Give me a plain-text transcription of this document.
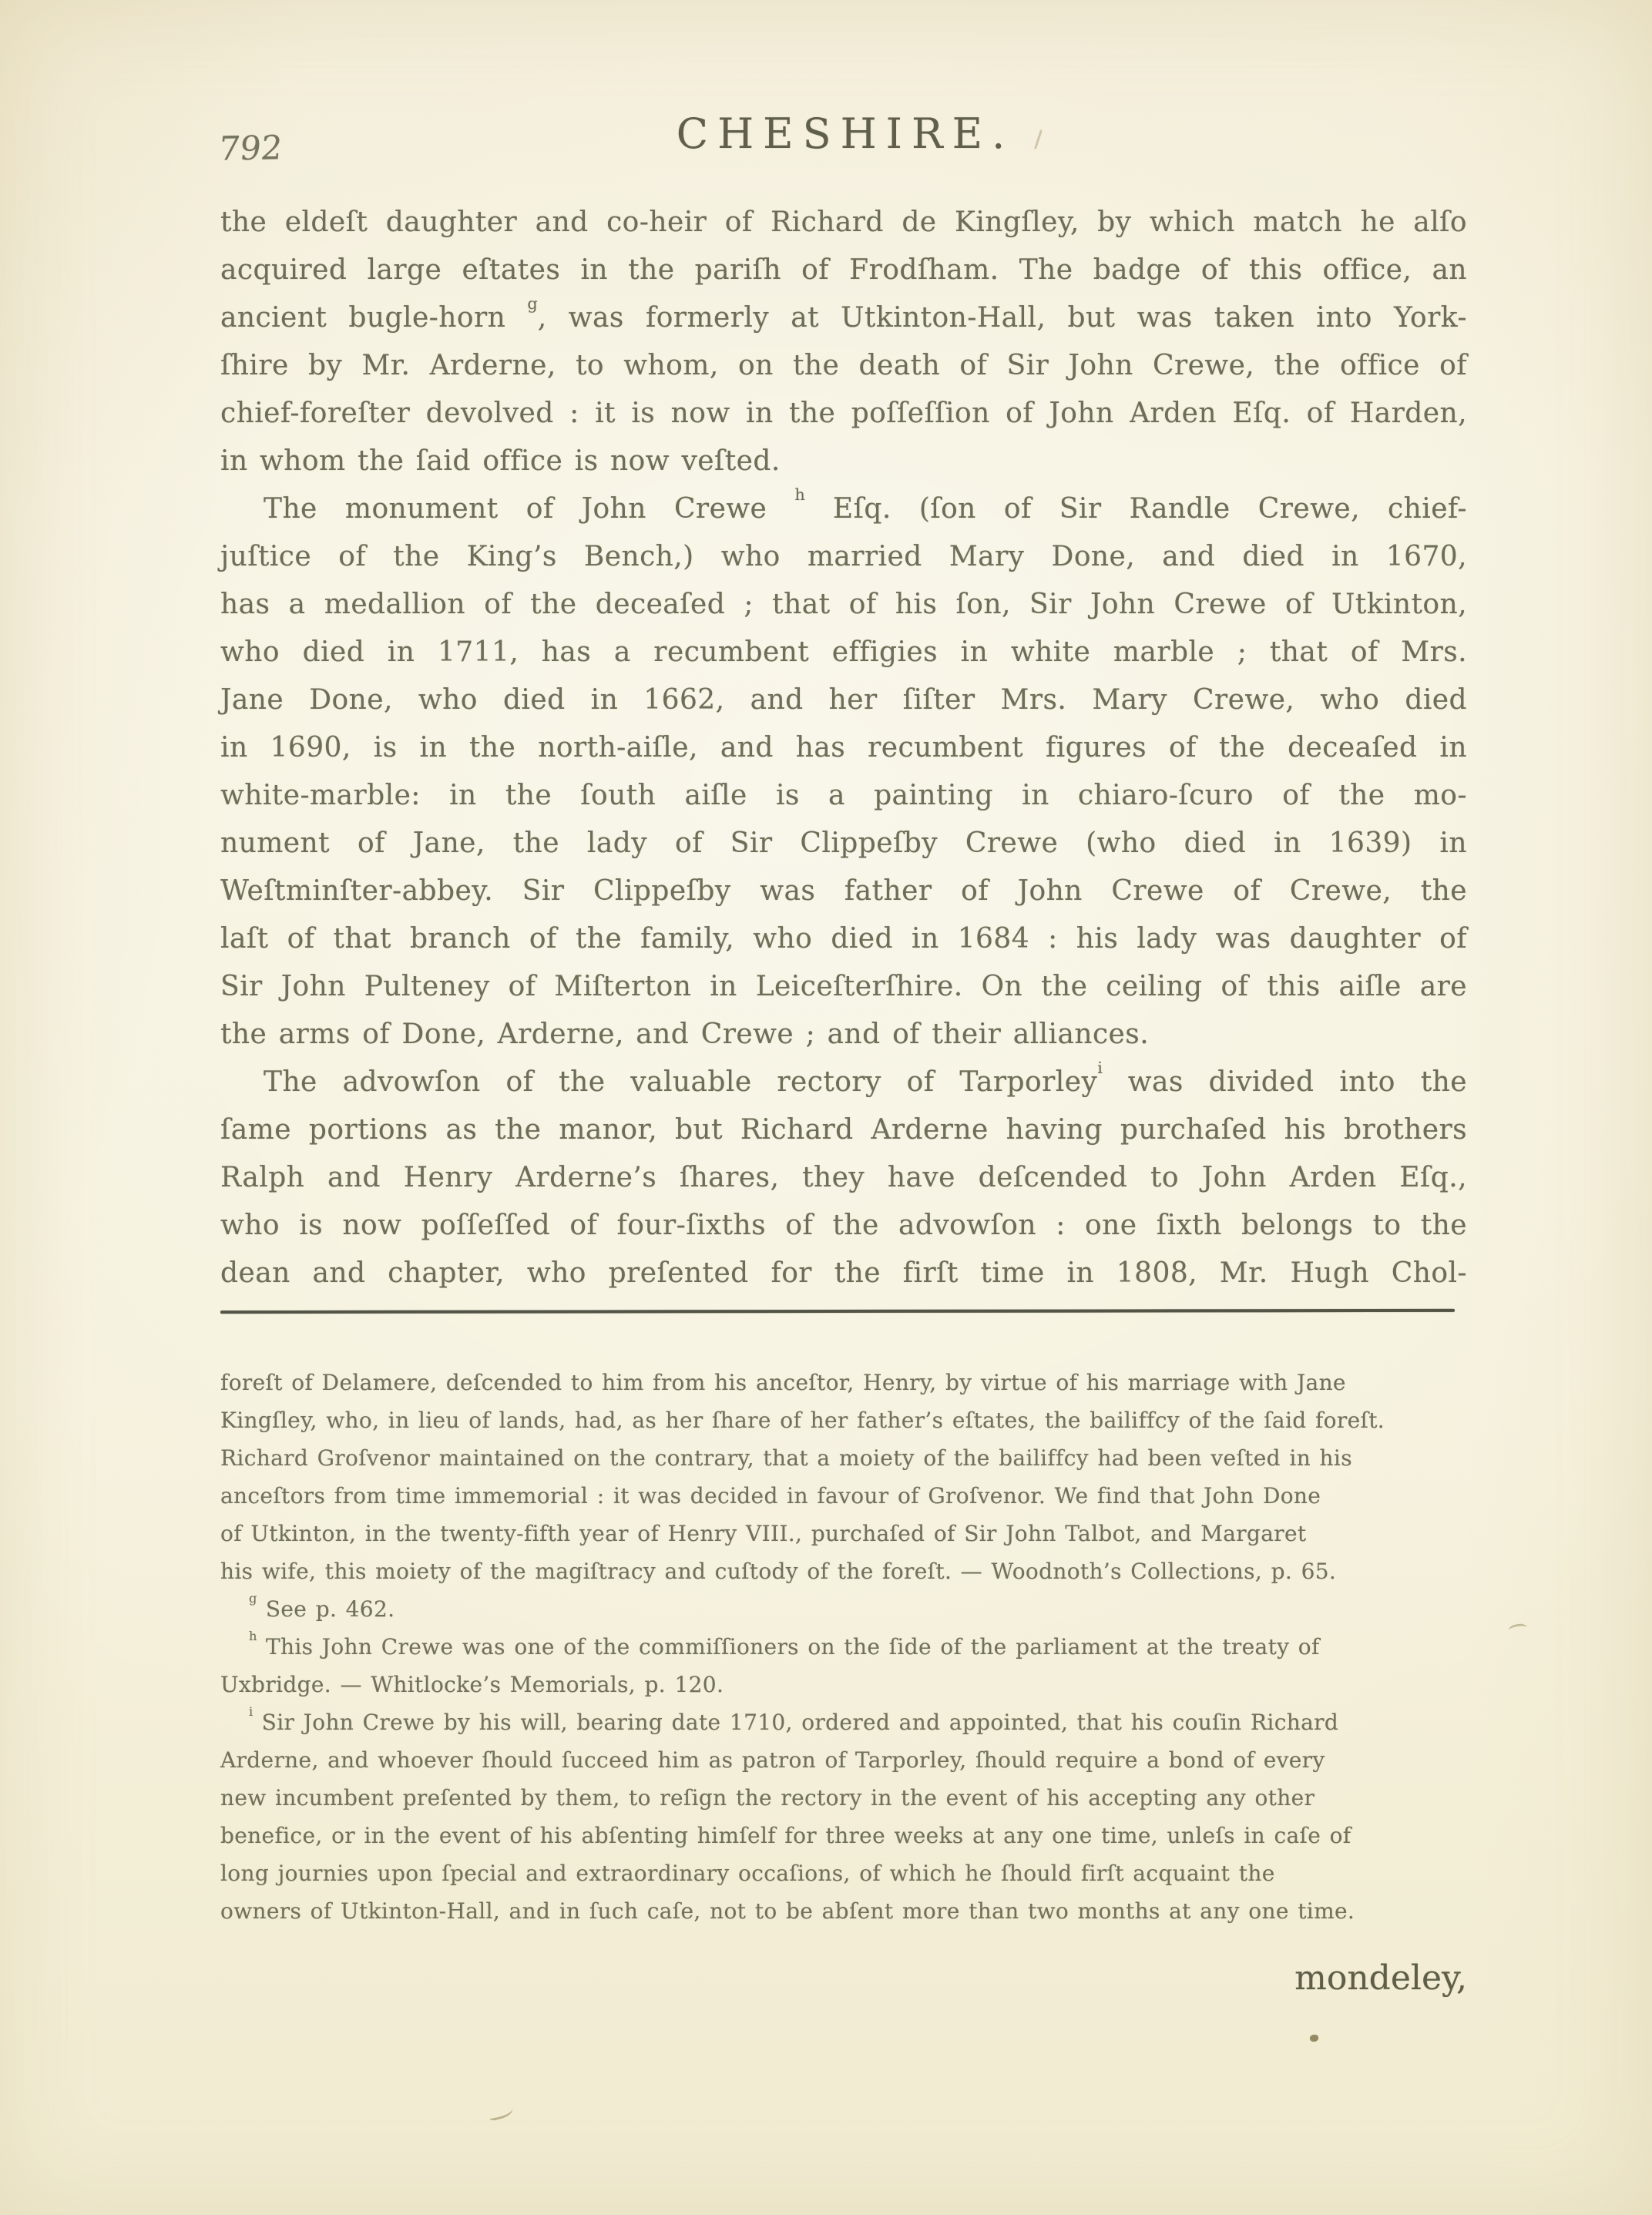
792	CHESHIRE.
the eldeſt daughter and co-heir of Richard de Kingſley, by which match he alſo
acquired large eſtates in the pariſh of Frodſham. The badge of this office, an
ancient bugle-horn $^g$, was formerly at Utkinton-Hall, but was taken into York-
ſhire by Mr. Arderne, to whom, on the death of Sir John Crewe, the office of
chief-foreſter devolved : it is now in the poſſeſſion of John Arden Eſq. of Harden,
in whom the ſaid office is now veſted.
The monument of John Crewe $^h$ Eſq. (ſon of Sir Randle Crewe, chief-
juſtice of the King’s Bench,) who married Mary Done, and died in 1670,
has a medallion of the deceaſed ; that of his ſon, Sir John Crewe of Utkinton,
who died in 1711, has a recumbent effigies in white marble ; that of Mrs.
Jane Done, who died in 1662, and her ſiſter Mrs. Mary Crewe, who died
in 1690, is in the north-aiſle, and has recumbent figures of the deceaſed in
white-marble: in the ſouth aiſle is a painting in chiaro-ſcuro of the mo-
nument of Jane, the lady of Sir Clippeſby Crewe (who died in 1639) in
Weſtminſter-abbey. Sir Clippeſby was father of John Crewe of Crewe, the
laſt of that branch of the family, who died in 1684 : his lady was daughter of
Sir John Pulteney of Miſterton in Leiceſterſhire. On the ceiling of this aiſle are
the arms of Done, Arderne, and Crewe ; and of their alliances.
The advowſon of the valuable rectory of Tarporley$^i$ was divided into the
ſame portions as the manor, but Richard Arderne having purchaſed his brothers
Ralph and Henry Arderne’s ſhares, they have deſcended to John Arden Eſq.,
who is now poſſeſſed of four-ſixths of the advowſon : one ſixth belongs to the
dean and chapter, who preſented for the firſt time in 1808, Mr. Hugh Chol-
foreſt of Delamere, deſcended to him from his anceſtor, Henry, by virtue of his marriage with Jane
Kingſley, who, in lieu of lands, had, as her ſhare of her father’s eſtates, the bailiffcy of the ſaid foreſt.
Richard Groſvenor maintained on the contrary, that a moiety of the bailiffcy had been veſted in his
anceſtors from time immemorial : it was decided in favour of Groſvenor. We find that John Done
of Utkinton, in the twenty-fifth year of Henry VIII., purchaſed of Sir John Talbot, and Margaret
his wife, this moiety of the magiſtracy and cuſtody of the foreſt. — Woodnoth’s Collections, p. 65.
$^g$ See p. 462.
$^h$ This John Crewe was one of the commiſſioners on the ſide of the parliament at the treaty of
Uxbridge. — Whitlocke’s Memorials, p. 120.
$^i$ Sir John Crewe by his will, bearing date 1710, ordered and appointed, that his couſin Richard
Arderne, and whoever ſhould ſucceed him as patron of Tarporley, ſhould require a bond of every
new incumbent preſented by them, to reſign the rectory in the event of his accepting any other
benefice, or in the event of his abſenting himſelf for three weeks at any one time, unleſs in caſe of
long journies upon ſpecial and extraordinary occaſions, of which he ſhould firſt acquaint the
owners of Utkinton-Hall, and in ſuch caſe, not to be abſent more than two months at any one time.
mondeley,
